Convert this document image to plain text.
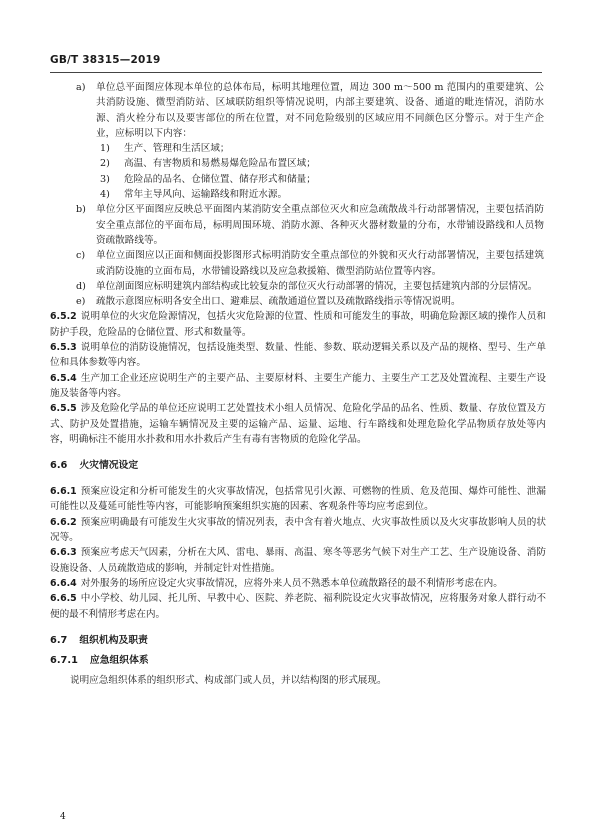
GB/T 38315—2019

a) 单位总平面图应体现本单位的总体布局，标明其地理位置，周边 300 m～500 m 范围内的重要建筑、公共消防设施、微型消防站、区域联防组织等情况说明，内部主要建筑、设备、通道的毗连情况，消防水源、消火栓分布以及要害部位的所在位置，对不同危险级别的区域应用不同颜色区分警示。对于生产企业，应标明以下内容：

1) 生产、管理和生活区域；

2) 高温、有害物质和易燃易爆危险品布置区域；

3) 危险品的品名、仓储位置、储存形式和储量；

4) 常年主导风向、运输路线和附近水源。

b) 单位分区平面图应反映总平面图内某消防安全重点部位灭火和应急疏散战斗行动部署情况，主要包括消防安全重点部位的平面布局，标明周围环境、消防水源、各种灭火器材数量的分布，水带铺设路线和人员物资疏散路线等。

c) 单位立面图应以正面和侧面投影图形式标明消防安全重点部位的外貌和灭火行动部署情况，主要包括建筑或消防设施的立面布局，水带铺设路线以及应急救援箱、微型消防站位置等内容。

d) 单位剖面图应标明建筑内部结构或比较复杂的部位灭火行动部署的情况，主要包括建筑内部的分层情况。

e) 疏散示意图应标明各安全出口、避难层、疏散通道位置以及疏散路线指示等情况说明。

6.5.2 说明单位的火灾危险源情况，包括火灾危险源的位置、性质和可能发生的事故，明确危险源区域的操作人员和防护手段，危险品的仓储位置、形式和数量等。

6.5.3 说明单位的消防设施情况，包括设施类型、数量、性能、参数、联动逻辑关系以及产品的规格、型号、生产单位和具体参数等内容。

6.5.4 生产加工企业还应说明生产的主要产品、主要原材料、主要生产能力、主要生产工艺及处置流程、主要生产设施及装备等内容。

6.5.5 涉及危险化学品的单位还应说明工艺处置技术小组人员情况、危险化学品的品名、性质、数量、存放位置及方式、防护及处置措施，运输车辆情况及主要的运输产品、运量、运地、行车路线和处理危险化学品物质存放处等内容，明确标注不能用水扑救和用水扑救后产生有毒有害物质的危险化学品。

6.6 火灾情况设定

6.6.1 预案应设定和分析可能发生的火灾事故情况，包括常见引火源、可燃物的性质、危及范围、爆炸可能性、泄漏可能性以及蔓延可能性等内容，可能影响预案组织实施的因素、客观条件等均应考虑到位。

6.6.2 预案应明确最有可能发生火灾事故的情况列表，表中含有着火地点、火灾事故性质以及火灾事故影响人员的状况等。

6.6.3 预案应考虑天气因素，分析在大风、雷电、暴雨、高温、寒冬等恶劣气候下对生产工艺、生产设施设备、消防设施设备、人员疏散造成的影响，并制定针对性措施。

6.6.4 对外服务的场所应设定火灾事故情况，应将外来人员不熟悉本单位疏散路径的最不利情形考虑在内。

6.6.5 中小学校、幼儿园、托儿所、早教中心、医院、养老院、福利院设定火灾事故情况，应将服务对象人群行动不便的最不利情形考虑在内。

6.7 组织机构及职责
6.7.1 应急组织体系

说明应急组织体系的组织形式、构成部门或人员，并以结构图的形式展现。

4
